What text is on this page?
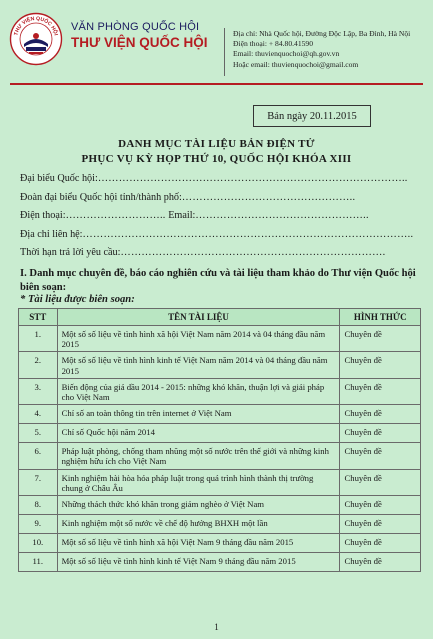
THƯ VIỆN QUỐC HỘI
VĂN PHÒNG QUỐC HỘI
THƯ VIỆN QUỐC HỘI
Địa chỉ: Nhà Quốc hội, Đường Độc Lập, Ba Đình, Hà Nội
Điện thoại: + 84.80.41590
Email: thuvienquochoi@qh.gov.vn
Hoặc email: thuvienquochoi@gmail.com
Bản ngày 20.11.2015
DANH MỤC TÀI LIỆU BẢN ĐIỆN TỬ
PHỤC VỤ KỲ HỌP THỨ 10, QUỐC HỘI KHÓA XIII
Đại biểu Quốc hội:……………………………………………………………………………..
Đoàn đại biểu Quốc hội tỉnh/thành phố:…………………………………………..
Điện thoại:……………………….. Email:…………………………………………..
Địa chỉ liên hệ:…………………………………………………………………………………..
Thời hạn trả lời yêu cầu:………………………………………………………………….
I. Danh mục chuyên đề, báo cáo nghiên cứu và tài liệu tham khảo do Thư viện Quốc hội biên soạn:
* Tài liệu được biên soạn:
STT	TÊN TÀI LIỆU	HÌNH THỨC
1.	Một số số liệu về tình hình xã hội Việt Nam năm 2014 và 04 tháng đầu năm 2015	Chuyên đề
2.	Một số số liệu về tình hình kinh tế Việt Nam năm 2014 và 04 tháng đầu năm 2015	Chuyên đề
3.	Biến động của giá dầu 2014 - 2015: những khó khăn, thuận lợi và giải pháp cho Việt Nam	Chuyên đề
4.	Chỉ số an toàn thông tin trên internet ở Việt Nam	Chuyên đề
5.	Chỉ số Quốc hội năm 2014	Chuyên đề
6.	Pháp luật phòng, chống tham nhũng một số nước trên thế giới và những kinh nghiệm hữu ích cho Việt Nam	Chuyên đề
7.	Kinh nghiệm hài hòa hóa pháp luật trong quá trình hình thành thị trường chung ở Châu Âu	Chuyên đề
8.	Những thách thức khó khăn trong giảm nghèo ở Việt Nam	Chuyên đề
9.	Kinh nghiệm một số nước về chế độ hưởng BHXH một lần	Chuyên đề
10.	Một số số liệu về tình hình xã hội Việt Nam 9 tháng đầu năm 2015	Chuyên đề
11.	Một số số liệu về tình hình kinh tế Việt Nam 9 tháng đầu năm 2015	Chuyên đề
1
